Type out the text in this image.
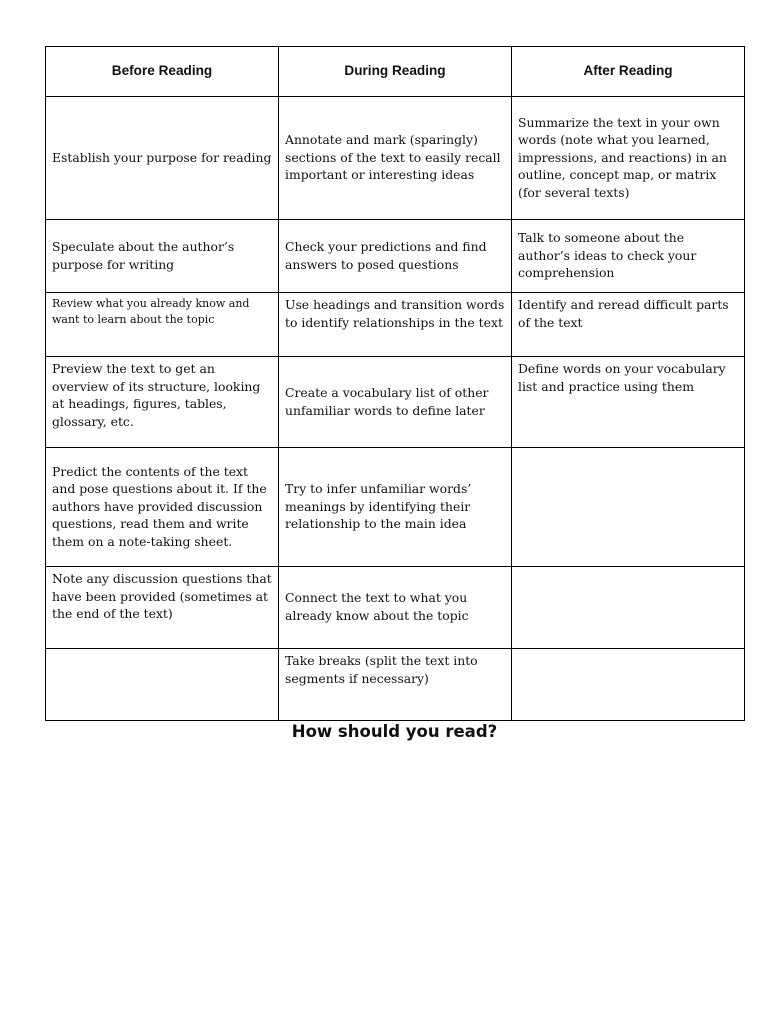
Before Reading	During Reading	After Reading
Establish your purpose for reading	Annotate and mark (sparingly) sections of the text to easily recall important or interesting ideas	Summarize the text in your own words (note what you learned, impressions, and reactions) in an outline, concept map, or matrix (for several texts)
Speculate about the author’s purpose for writing	Check your predictions and find answers to posed questions	Talk to someone about the author’s ideas to check your comprehension
Review what you already know and want to learn about the topic	Use headings and transition words to identify relationships in the text	Identify and reread difficult parts of the text
Preview the text to get an overview of its structure, looking at headings, figures, tables, glossary, etc.	Create a vocabulary list of other unfamiliar words to define later	Define words on your vocabulary list and practice using them
Predict the contents of the text and pose questions about it. If the authors have provided discussion questions, read them and write them on a note-taking sheet.	Try to infer unfamiliar words’ meanings by identifying their relationship to the main idea	
Note any discussion questions that have been provided (sometimes at the end of the text)	Connect the text to what you already know about the topic	
	Take breaks (split the text into segments if necessary)	
How should you read?
